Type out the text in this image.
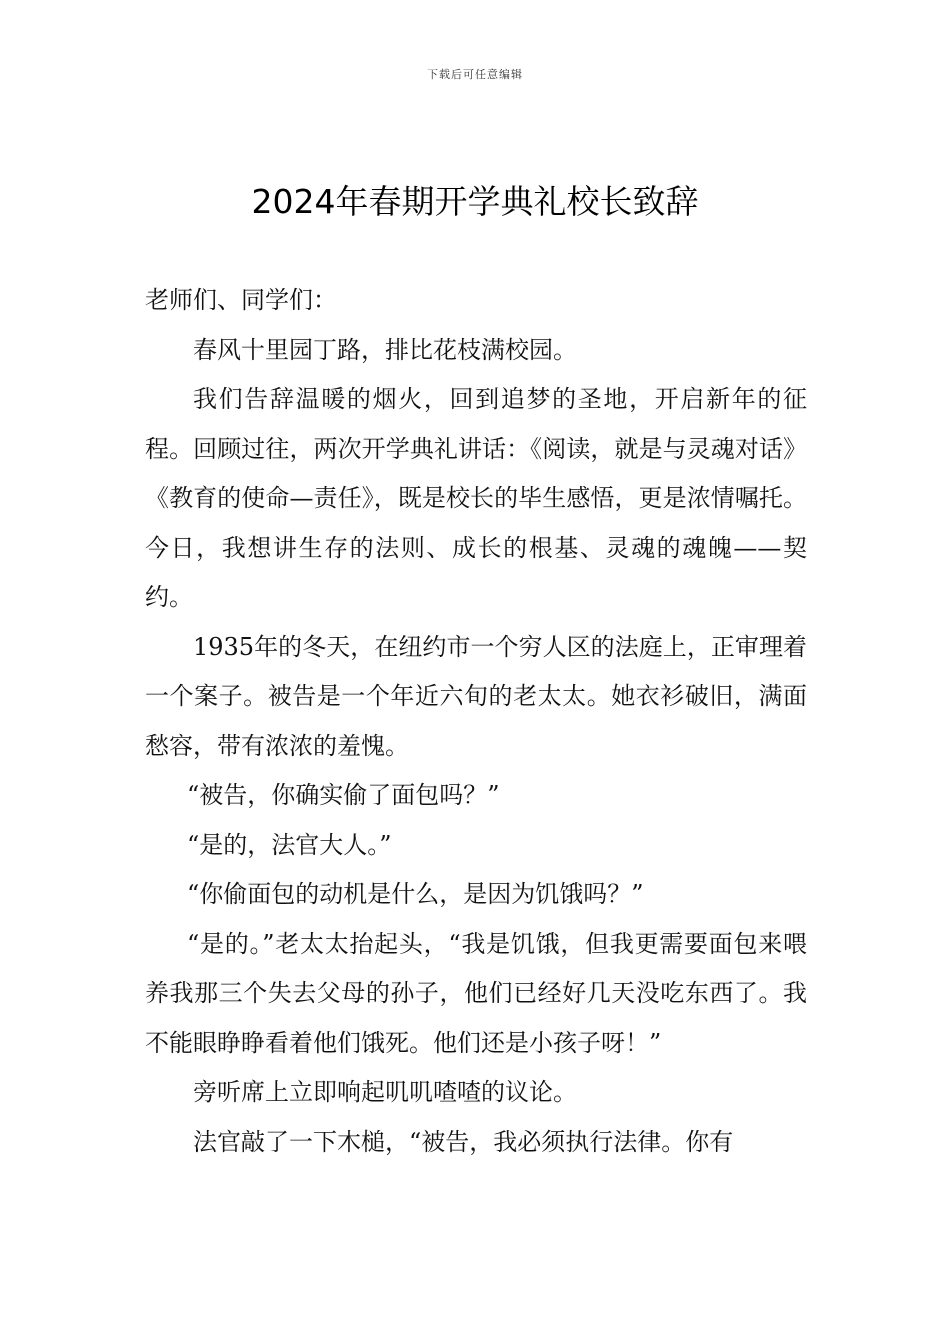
下载后可任意编辑
2024年春期开学典礼校长致辞

老师们、同学们：

春风十里园丁路，排比花枝满校园。

我们告辞温暖的烟火，回到追梦的圣地，开启新年的征程。回顾过往，两次开学典礼讲话：《阅读，就是与灵魂对话》《教育的使命—责任》，既是校长的毕生感悟，更是浓情嘱托。今日，我想讲生存的法则、成长的根基、灵魂的魂魄——契约。

1935年的冬天，在纽约市一个穷人区的法庭上，正审理着一个案子。被告是一个年近六旬的老太太。她衣衫破旧，满面愁容，带有浓浓的羞愧。

“被告，你确实偷了面包吗？”

“是的，法官大人。”

“你偷面包的动机是什么，是因为饥饿吗？”

“是的。”老太太抬起头，“我是饥饿，但我更需要面包来喂养我那三个失去父母的孙子，他们已经好几天没吃东西了。我不能眼睁睁看着他们饿死。他们还是小孩子呀！”

旁听席上立即响起叽叽喳喳的议论。

法官敲了一下木槌，“被告，我必须执行法律。你有
